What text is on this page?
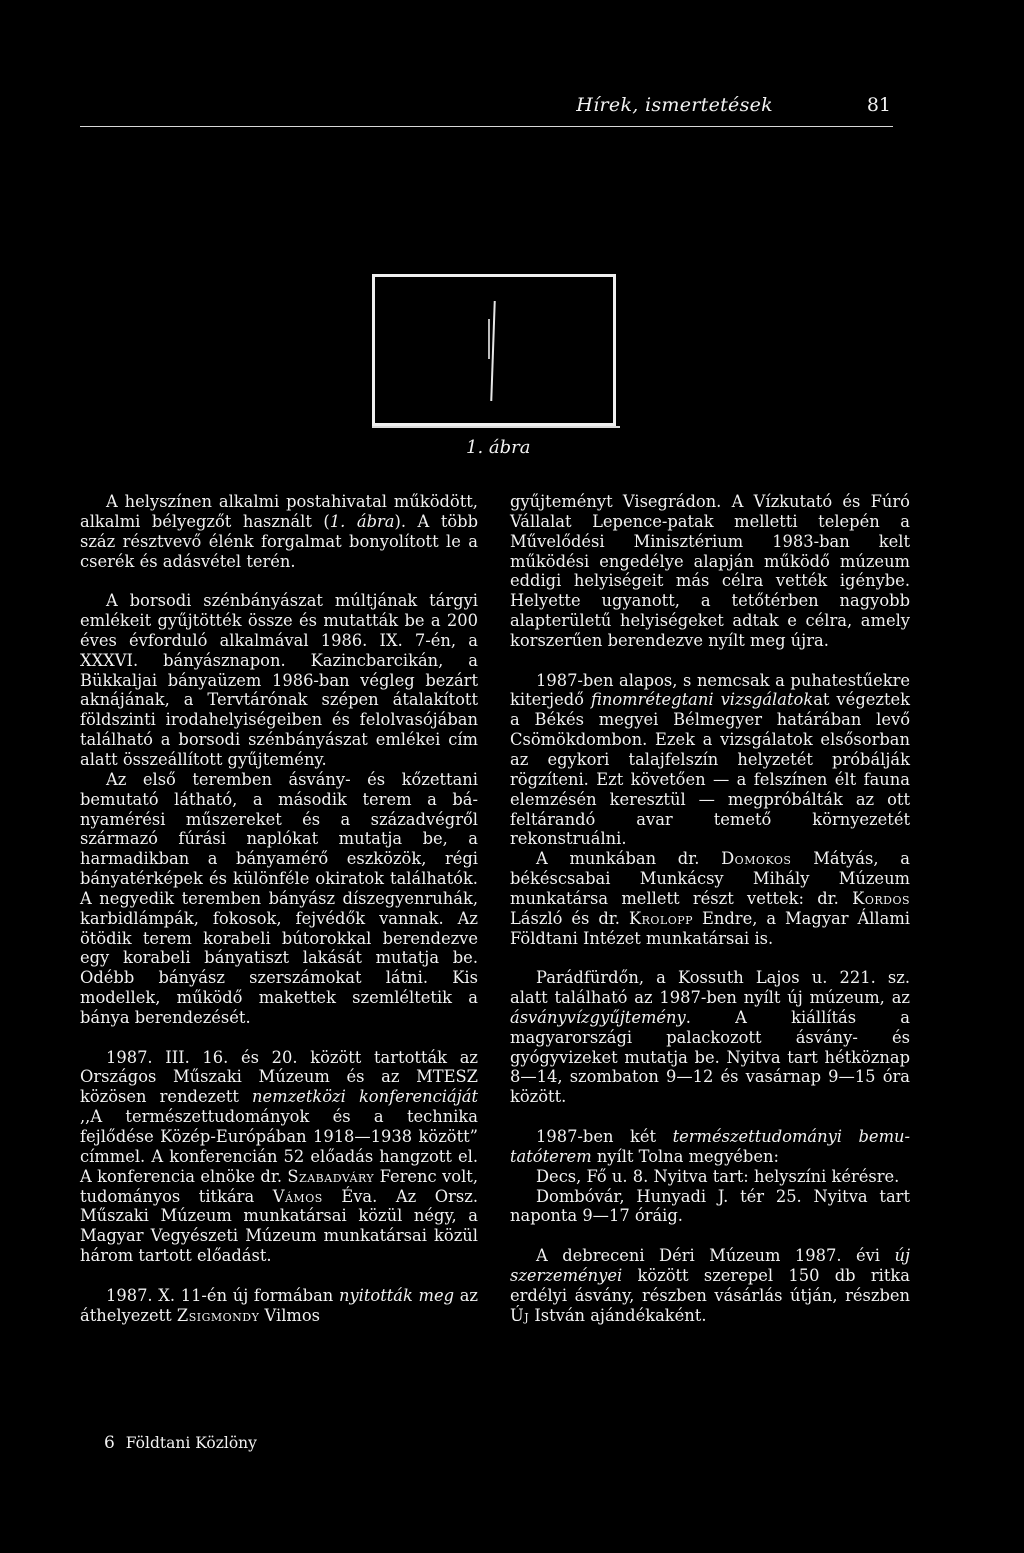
Hírek, ismertetések	81
1. ábra

A helyszínen alkalmi postahivatal működött, alkalmi bélyegzőt használt (1. ábra). A több száz résztvevő élénk forgalmat bonyolított le a cserék és adásvétel terén.

A borsodi szénbányászat múltjának tárgyi emlékeit gyűjtötték össze és mutatták be a 200 éves évforduló alkalmával 1986. IX. 7-én, a XXXVI. bányásznapon. Kazincbarcikán, a Bükkaljai bányaüzem 1986-ban végleg bezárt aknájának, a Tervtárónak szépen átalakított földszinti irodahelyiségeiben és felolvasójában található a borsodi szénbányászat emlékei cím alatt összeállított gyűjtemény.

Az első teremben ásvány- és kőzettani bemutató látható, a második terem a bányamérési műszereket és a századvégről származó fúrási naplókat mutatja be, a harmadikban a bányamérő eszközök, régi bányatérképek és különféle okiratok találhatók. A negyedik teremben bányász díszegyenruhák, karbidlámpák, fokosok, fejvédők vannak. Az ötödik terem korabeli bútorokkal berendezve egy korabeli bányatiszt lakását mutatja be. Odébb bányász szerszámokat látni. Kis modellek, működő makettek szemléltetik a bánya berendezését.

1987. III. 16. és 20. között tartották az Országos Műszaki Múzeum és az MTESZ közösen rendezett nemzetközi konferenciáját ,,A természettudományok és a technika fejlődése Közép-Európában 1918—1938 között” címmel. A konferencián 52 előadás hangzott el. A konferencia elnöke dr. Szabadváry Ferenc volt, tudományos titkára Vámos Éva. Az Orsz. Műszaki Múzeum munkatársai közül négy, a Magyar Vegyészeti Múzeum munkatársai közül három tartott előadást.

1987. X. 11-én új formában nyitották meg az áthelyezett Zsigmondy Vilmos

gyűjteményt Visegrádon. A Vízkutató és Fúró Vállalat Lepence-patak melletti telepén a Művelődési Minisztérium 1983-ban kelt működési engedélye alapján működő múzeum eddigi helyiségeit más célra vették igénybe. Helyette ugyanott, a tetőtérben nagyobb alapterületű helyiségeket adtak e célra, amely korszerűen berendezve nyílt meg újra.

1987-ben alapos, s nemcsak a puhatestűekre kiterjedő finomrétegtani vizsgálatokat végeztek a Békés megyei Bélmegyer határában levő Csömökdombon. Ezek a vizsgálatok elsősorban az egykori talajfelszín helyzetét próbálják rögzíteni. Ezt követően — a felszínen élt fauna elemzésén keresztül — megpróbálták az ott feltárandó avar temető környezetét rekonstruálni.

A munkában dr. Domokos Mátyás, a békéscsabai Munkácsy Mihály Múzeum munkatársa mellett részt vettek: dr. Kordos László és dr. Krolopp Endre, a Magyar Állami Földtani Intézet munkatársai is.

Parádfürdőn, a Kossuth Lajos u. 221. sz. alatt található az 1987-ben nyílt új múzeum, az ásványvízgyűjtemény. A kiállítás a magyarországi palackozott ásvány- és gyógyvizeket mutatja be. Nyitva tart hétköznap 8—14, szombaton 9—12 és vasárnap 9—15 óra között.

1987-ben két természettudományi bemutatóterem nyílt Tolna megyében:

Decs, Fő u. 8. Nyitva tart: helyszíni kérésre.

Dombóvár, Hunyadi J. tér 25. Nyitva tart naponta 9—17 óráig.

A debreceni Déri Múzeum 1987. évi új szerzeményei között szerepel 150 db ritka erdélyi ásvány, részben vásárlás útján, részben Új István ajándékaként.

6 Földtani Közlöny
